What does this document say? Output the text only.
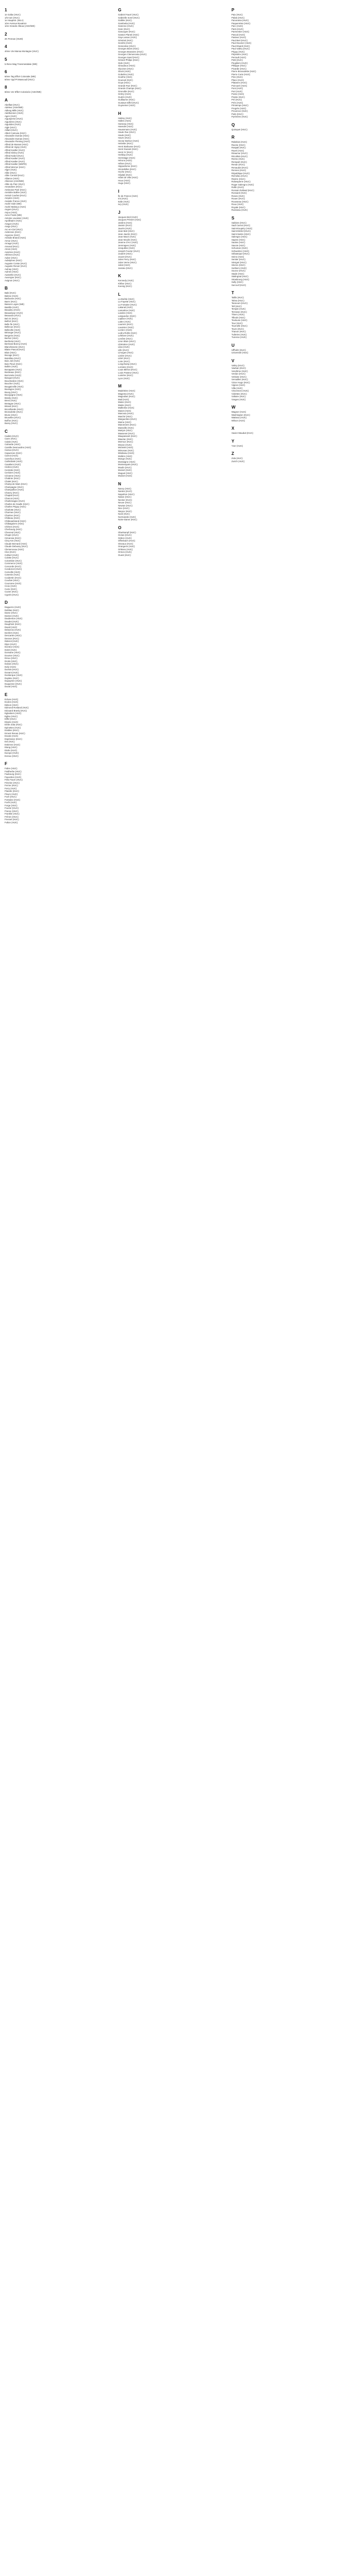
1
1e Gafas (HUC)
1/5 AuG (HUC)
1e Hauptstr. (WLA)
1ère Avenue Bouatron
1ère Grande Alleuw (ASH/WE)
2
2K Pennan (HUM)
4
4ème Vie Mansa Montagne (HUC)
5
5.Rene Mag Transmetalwie (WE)
6
6ème Tag Effort Coloniale (WE)
6ème Vgd Pt Massoudi (HUC)
8
8ème Ver Effert Colonisée (ASH/WE)
A
Abelfast (HUC)
Adeleur (ASH/WE)
Adleng Mills (HUC)
Adelbonnen (HUC)
Agen (HUC)
Aigueperse (HUC)
Aigurières (HUC)
Aigurides (HUC)
Aigle (HUC)
Aillant (HUC)
Albert Camusa (HUC)
Alexandre Dumas (HUC)
Alexandre Dumas (HUC)
Alexandre Fleming (HUC)
Alfred de Musset (HUC)
Alfred de Vigny (HUC)
Alfred Kastler (HUC)
Alfred Sisley (HUC)
Alfred Nobel (HUC)
Alfred Kastler (HUC)
Alfred Kastler (HUC)
Alfred Kastler (WEPD)
Alfred Werner (HUC)
Alger (HUC)
Allée (HUC)
Allée Central (HUC)
Alliance (HUC)
Allonnes (ASH/WE)
Allée du Parc (HUC)
Amandiers (HUC)
Ambroise Paré (HUC)
Amédée Bollée (HUC)
Amiral Courbet (HUC)
Ampère (HUC)
Anatole France (HUC)
André Gide (WE)
André Malraux (HUC)
Angers (HUC)
Anjou (HUC)
Anne Frank (WE)
Antoine Lavoisier (HUC)
Apollinaire (HUC)
Aragon (HUC)
Arago (HUC)
Arc-en-Ciel (HUC)
Ardennes (HUC)
Argonne (HUC)
Aristide Briand (HUC)
Armor (HUC)
Arnage (HUC)
Arsenal (HUC)
Artois (HUC)
Asnières (HUC)
Athènes (HUC)
Auber (HUC)
Aubépines (HUC)
Auguste Comte (HUC)
Auguste Renoir (HUC)
Aulnay (HUC)
Aulnes (HUC)
Austerlitz (HUC)
Auvergne (HUC)
Avignon (HUC)
B
Babi (HUC)
Balzac (HUC)
Barbusse (HUC)
Barre (HUC)
Basses Loges (WE)
Bastille (HUC)
Beaulieu (HUC)
Beauséjour (HUC)
Beauvais (HUC)
Bel Air (HUC)
Belfort (HUC)
Belle Île (HUC)
Bellevue (HUC)
Belleville (HUC)
Béranger (HUC)
Bergerie (HUC)
Berlioz (HUC)
Berthelot (HUC)
Bertrand Bonny (HUC)
Blanchisserie (HUC)
Blaise Pascal (HUC)
Blois (HUC)
Bocage (HUC)
Boieldieu (HUC)
Bois Joli (HUC)
Bois Fleuri (HUC)
Bollée (HUC)
Bonaparte (HUC)
Bordeaux (HUC)
Borromée (HUC)
Bosquet (HUC)
Bouchardon (HUC)
Boucher (HUC)
Bougainville (HUC)
Boulogne (HUC)
Bourg (HUC)
Bourgogne (HUC)
Branly (HUC)
Brest (HUC)
Bretagne (HUC)
Briand (HUC)
Brocéliande (HUC)
Brossolette (HUC)
Brune (HUC)
Bruxelles (HUC)
Buffon (HUC)
Bussy (HUC)
C
Cadets (HUC)
Caen (HUC)
Calais (HUC)
Calmette (HUC)
Camille Desmoulins (HUC)
Camus (HUC)
Capucines (HUC)
Carnot (HUC)
Carrefour (HUC)
Cathédrale (HUC)
Cavaliers (HUC)
Cèdres (HUC)
Centrale (HUC)
Cerisiers (HUC)
Cézanne (HUC)
Chabrier (HUC)
Chalet (HUC)
Champ de Mars (HUC)
Champagne (HUC)
Champollion (HUC)
Chanzy (HUC)
Chaptal (HUC)
Charcot (HUC)
Charlemagne (HUC)
Charles de Gaulle (HUC)
Charles Péguy (HUC)
Charlotte (HUC)
Charmes (HUC)
Chartres (HUC)
Château (HUC)
Châteaubriand (HUC)
Châtaigniers (HUC)
Chênes (HUC)
Cherbourg (HUC)
Chevreul (HUC)
Chopin (HUC)
Cimarosa (HUC)
Cinq Ans (HUC)
Claude Bernard (HUC)
Claude Debussy (HUC)
Clemenceau (HUC)
Clos (HUC)
Colbert (HUC)
Colette (HUC)
Colombier (HUC)
Commerce (HUC)
Concorde (HUC)
Condorcet (HUC)
Corneille (HUC)
Cotentin (HUC)
Coubertin (HUC)
Courbet (HUC)
Couronne (HUC)
Croix (HUC)
Curie (HUC)
Cuvier (HUC)
Cyprès (HUC)
D
Daguerre (HUC)
Dahlias (HUC)
Dame (HUC)
Danton (HUC)
Daubenton (HUC)
Daudet (HUC)
Dauphiné (HUC)
David (HUC)
Delacroix (HUC)
Denfert (HUC)
Descartes (HUC)
Desnos (HUC)
Diderot (HUC)
Dijon (HUC)
Docteur (HUC)
Dolet (HUC)
Domaine (HUC)
Doumer (HUC)
Dreux (HUC)
Droits (HUC)
Dubois (HUC)
Dufy (HUC)
Dumas (HUC)
Dunant (HUC)
Dunkerque (HUC)
Dupleix (HUC)
Dupuytren (HUC)
Duquesne (HUC)
Duval (HUC)
E
Ecluse (HUC)
Ecoles (HUC)
Edison (HUC)
Edmond Rostand (HUC)
Edouard Branly (HUC)
Eglantiers (HUC)
Eglise (HUC)
Eiffel (HUC)
Elysée (HUC)
Emile Zola (HUC)
Epinettes (HUC)
Erables (HUC)
Ernest Renan (HUC)
Escale (HUC)
Espérance (HUC)
Est (HUC)
Estienne (HUC)
Etang (HUC)
Etoile (HUC)
Europe (HUC)
Evreux (HUC)
F
Fabre (HUC)
Faidherbe (HUC)
Faubourg (HUC)
Fauvettes (HUC)
Félix Faure (HUC)
Fénelon (HUC)
Ferme (HUC)
Ferry (HUC)
Flandre (HUC)
Fleurs (HUC)
Foch (HUC)
Fontaine (HUC)
Forêt (HUC)
Forge (HUC)
Fourier (HUC)
France (HUC)
Franklin (HUC)
Frênes (HUC)
Fresnel (HUC)
Fulton (HUC)
G
Gabriel Fauré (HUC)
Gabrielle Sorel (HUC)
Galilée (HUC)
Gambetta (HUC)
Garenne (HUC)
Gare (HUC)
Gascogne (HUC)
Gaston Planté (HUC)
Gay-Lussac (HUC)
Général (HUC)
Genêts (HUC)
Geneviève (HUC)
Georges Bizet (HUC)
Georges Brassens (HUC)
Georges Clemenceau (HUC)
Georges Sand (HUC)
Gérard Philipe (HUC)
Gide (HUC)
Giraudoux (HUC)
Glycines (HUC)
Gluck (HUC)
Gobelins (HUC)
Goethe (HUC)
Gounod (HUC)
Goya (HUC)
Grande Rue (HUC)
Grands Champs (HUC)
Grenoble (HUC)
Grétry (HUC)
Guérin (HUC)
Guillaume (HUC)
Gustave Eiffel (HUC)
Guynemer (HUC)
H
Halévy (HUC)
Halles (HUC)
Hameau (HUC)
Haendel (HUC)
Haussmann (HUC)
Haute Rue (HUC)
Hauts (HUC)
Havre (HUC)
Hector Berlioz (HUC)
Helvétie (HUC)
Henri Barbusse (HUC)
Henri Dunant (HUC)
Henri IV (HUC)
Herblay (HUC)
Hermitage (HUC)
Hérons (HUC)
Hêtres (HUC)
Hippodrome (HUC)
Hirondelles (HUC)
Hoche (HUC)
Hôpital (HUC)
Hôtel de Ville (HUC)
Houx (HUC)
Hugo (HUC)
I
Île de France (HUC)
Iris (HUC)
Italie (HUC)
Ivry (HUC)
J
Jacques Brel (HUC)
Jacques Prévert (HUC)
Jardins (HUC)
Jasmin (HUC)
Jaurès (HUC)
Jean Bart (HUC)
Jean Jaurès (HUC)
Jean Macé (HUC)
Jean Moulin (HUC)
Jeanne d'Arc (HUC)
Jemmapes (HUC)
Jonquilles (HUC)
Joseph Fourier (HUC)
Joubert (HUC)
Jouvet (HUC)
Jules Ferry (HUC)
Jules Verne (HUC)
Juliot (HUC)
Jussieu (HUC)
K
Kennedy (HUC)
Kléber (HUC)
Koenig (HUC)
L
La Boétie (HUC)
La Fayette (HUC)
La Fontaine (HUC)
Lakanal (HUC)
Lamartine (HUC)
Landes (HUC)
Languedoc (HUC)
Laplace (HUC)
Lattre (HUC)
Lauriers (HUC)
Lavoisier (HUC)
Leclerc (HUC)
Ledru-Rollin (HUC)
Lefebvre (HUC)
Lenôtre (HUC)
Léon Blum (HUC)
Libération (HUC)
Lilas (HUC)
Lille (HUC)
Limoges (HUC)
Lisière (HUC)
Littré (HUC)
Loire (HUC)
Longchamp (HUC)
Lorraine (HUC)
Louis Blériot (HUC)
Louis Pasteur (HUC)
Lumière (HUC)
Lyon (HUC)
M
Madeleine (HUC)
Magenta (HUC)
Magnolias (HUC)
Mail (HUC)
Maine (HUC)
Mairie (HUC)
Malherbe (HUC)
Manet (HUC)
Marceau (HUC)
Marché (HUC)
Marguerites (HUC)
Marne (HUC)
Maronniers (HUC)
Marseille (HUC)
Martyrs (HUC)
Massenet (HUC)
Maupassant (HUC)
Mauriac (HUC)
Mermoz (HUC)
Meuse (HUC)
Michelet (HUC)
Mimosas (HUC)
Mirabeau (HUC)
Molière (HUC)
Monge (HUC)
Montaigne (HUC)
Montesquieu (HUC)
Moulin (HUC)
Mozart (HUC)
Muguet (HUC)
Musset (HUC)
N
Nancy (HUC)
Nantes (HUC)
Napoléon (HUC)
Nation (HUC)
Necker (HUC)
Neuve (HUC)
Newton (HUC)
Nice (HUC)
Niepce (HUC)
Nord (HUC)
Normandie (HUC)
Notre-Dame (HUC)
O
Oberkampf (HUC)
Océan (HUC)
Odéon (HUC)
Offenbach (HUC)
Oiseaux (HUC)
Orangerie (HUC)
Orléans (HUC)
Ormes (HUC)
Ouest (HUC)
P
Paix (HUC)
Palais (HUC)
Panorama (HUC)
Paquerettes (HUC)
Parc (HUC)
Paris (HUC)
Parmentier (HUC)
Pascal (HUC)
Pasteur (HUC)
Paul Bert (HUC)
Paul Doumer (HUC)
Paul Eluard (HUC)
Paul Valéry (HUC)
Péguy (HUC)
Pépinière (HUC)
Perrault (HUC)
Petit (HUC)
Peupliers (HUC)
Philippe (HUC)
Picardie (HUC)
Pierre Brossolette (HUC)
Pierre Curie (HUC)
Pins (HUC)
Place (HUC)
Platanes (HUC)
Poincaré (HUC)
Pont (HUC)
Port (HUC)
Poste (HUC)
Prairie (HUC)
Pré (HUC)
Prés (HUC)
Printemps (HUC)
Progrès (HUC)
Provence (HUC)
Puits (HUC)
Pyrénées (HUC)
Q
Quinquet (HUC)
R
Rabelais (HUC)
Racine (HUC)
Raspail (HUC)
Ravel (HUC)
Réaumur (HUC)
Récollets (HUC)
Reims (HUC)
Rempart (HUC)
Renan (HUC)
Renaudot (HUC)
Rennes (HUC)
République (HUC)
Richelieu (HUC)
Rivière (HUC)
Robespierre (HUC)
Roger Salengro (HUC)
Rollin (HUC)
Romain Rolland (HUC)
Ronsard (HUC)
Roses (HUC)
Rouen (HUC)
Rousseau (HUC)
Roux (HUC)
Royale (HUC)
Ruisseau (HUC)
S
Sablons (HUC)
Sadi Carnot (HUC)
Saint-Exupéry (HUC)
Saint-Michel (HUC)
Saint-Saëns (HUC)
Salengro (HUC)
Sapins (HUC)
Saules (HUC)
Savoie (HUC)
Schuman (HUC)
Schweitzer (HUC)
Sébastopol (HUC)
Seine (HUC)
Sentier (HUC)
Sévigné (HUC)
Sèvres (HUC)
Sorbiers (HUC)
Source (HUC)
Stade (HUC)
Stalingrad (HUC)
Strasbourg (HUC)
Sully (HUC)
Surcouf (HUC)
T
Taillis (HUC)
Talma (HUC)
Tanneurs (HUC)
Tell (HUC)
Temple (HUC)
Terrasse (HUC)
Thiers (HUC)
Tilleuls (HUC)
Toulouse (HUC)
Tour (HUC)
Tournelle (HUC)
Tours (HUC)
Trianon (HUC)
Tuileries (HUC)
Turenne (HUC)
U
Uffholtz (HUC)
Université (HUC)
V
Valmy (HUC)
Vauban (HUC)
Vendôme (HUC)
Verdun (HUC)
Verlaine (HUC)
Versailles (HUC)
Victor Hugo (HUC)
Vignes (HUC)
Villa (HUC)
Vincennes (HUC)
Violettes (HUC)
Voltaire (HUC)
Vosges (HUC)
W
Wagner (HUC)
Washington (HUC)
Watteau (HUC)
Wilson (HUC)
X
Xavier Mauduit (HUC)
Y
Yser (HUC)
Z
Zola (HUC)
Zurich (HUC)
